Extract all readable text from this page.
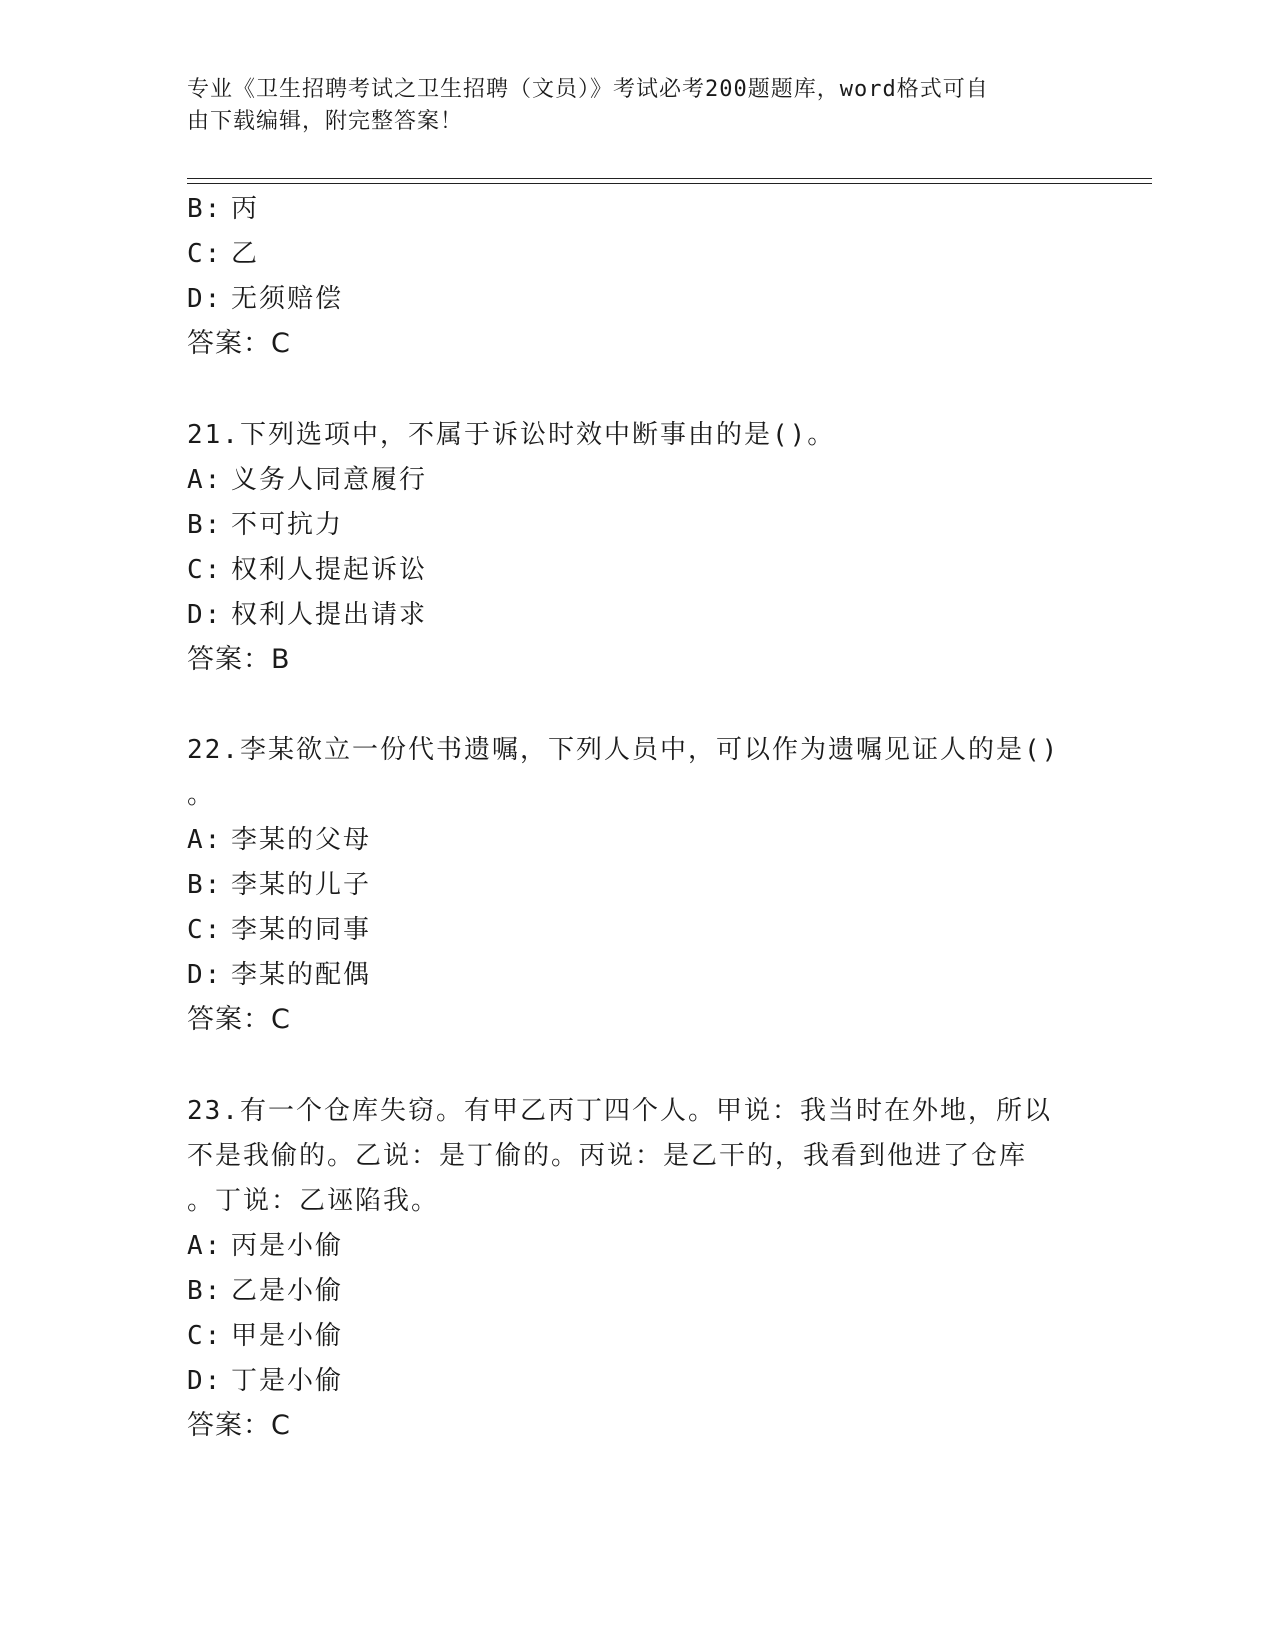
专业《卫生招聘考试之卫生招聘（文员）》考试必考200题题库，word格式可自
由下载编辑，附完整答案！
B: 丙
C: 乙
D: 无须赔偿
答案：C
21.下列选项中，不属于诉讼时效中断事由的是()。
A: 义务人同意履行
B: 不可抗力
C: 权利人提起诉讼
D: 权利人提出请求
答案：B
22.李某欲立一份代书遗嘱，下列人员中，可以作为遗嘱见证人的是()
。
A: 李某的父母
B: 李某的儿子
C: 李某的同事
D: 李某的配偶
答案：C
23.有一个仓库失窃。有甲乙丙丁四个人。甲说：我当时在外地，所以
不是我偷的。乙说：是丁偷的。丙说：是乙干的，我看到他进了仓库
。丁说：乙诬陷我。
A: 丙是小偷
B: 乙是小偷
C: 甲是小偷
D: 丁是小偷
答案：C
